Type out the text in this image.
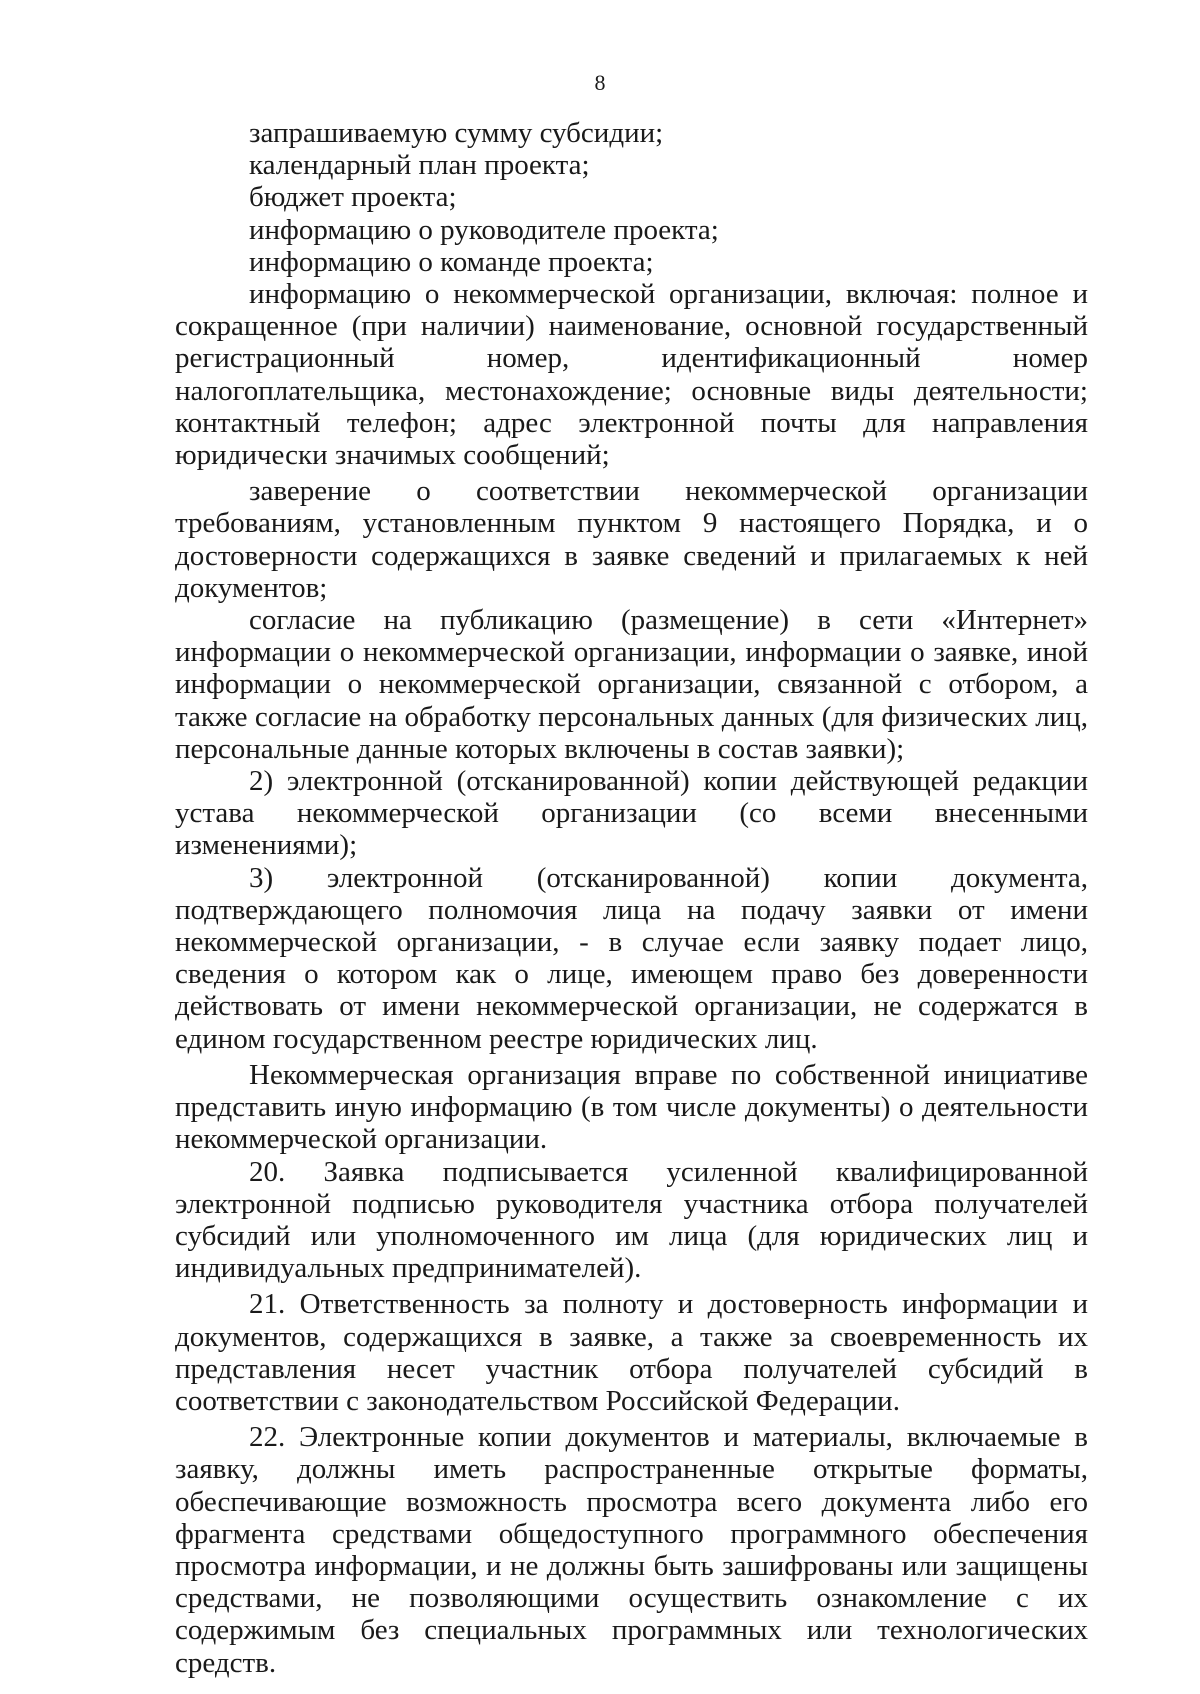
8

запрашиваемую сумму субсидии;

календарный план проекта;

бюджет проекта;

информацию о руководителе проекта;

информацию о команде проекта;

информацию о некоммерческой организации, включая: полное и сокращенное (при наличии) наименование, основной государственный регистрационный номер, идентификационный номер налогоплательщика, местонахождение; основные виды деятельности; контактный телефон; адрес электронной почты для направления юридически значимых сообщений;

заверение о соответствии некоммерческой организации требованиям, установленным пунктом 9 настоящего Порядка, и о достоверности содержащихся в заявке сведений и прилагаемых к ней документов;

согласие на публикацию (размещение) в сети «Интернет» информации о некоммерческой организации, информации о заявке, иной информации о некоммерческой организации, связанной с отбором, а также согласие на обработку персональных данных (для физических лиц, персональные данные которых включены в состав заявки);

2) электронной (отсканированной) копии действующей редакции устава некоммерческой организации (со всеми внесенными изменениями);

3) электронной (отсканированной) копии документа, подтверждающего полномочия лица на подачу заявки от имени некоммерческой организации, - в случае если заявку подает лицо, сведения о котором как о лице, имеющем право без доверенности действовать от имени некоммерческой организации, не содержатся в едином государственном реестре юридических лиц.

Некоммерческая организация вправе по собственной инициативе представить иную информацию (в том числе документы) о деятельности некоммерческой организации.

20. Заявка подписывается усиленной квалифицированной электронной подписью руководителя участника отбора получателей субсидий или уполномоченного им лица (для юридических лиц и индивидуальных предпринимателей).

21. Ответственность за полноту и достоверность информации и документов, содержащихся в заявке, а также за своевременность их представления несет участник отбора получателей субсидий в соответствии с законодательством Российской Федерации.

22. Электронные копии документов и материалы, включаемые в заявку, должны иметь распространенные открытые форматы, обеспечивающие возможность просмотра всего документа либо его фрагмента средствами общедоступного программного обеспечения просмотра информации, и не должны быть зашифрованы или защищены средствами, не позволяющими осуществить ознакомление с их содержимым без специальных программных или технологических средств.
